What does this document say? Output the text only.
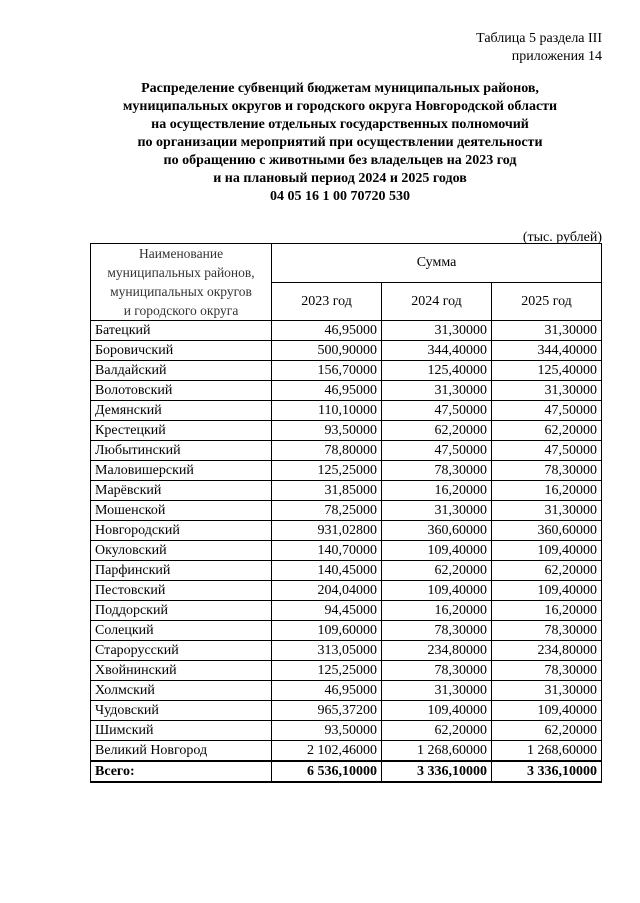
Таблица 5 раздела III
приложения 14
Распределение субвенций бюджетам муниципальных районов,
муниципальных округов и городского округа Новгородской области
на осуществление отдельных государственных полномочий
по организации мероприятий при осуществлении деятельности
по обращению с животными без владельцев на 2023 год
и на плановый период 2024 и 2025 годов
04 05 16 1 00 70720 530
(тыс. рублей)
Наименование
муниципальных районов,
муниципальных округов
и городского округа	Сумма		
	2023 год	2024 год	2025 год
Батецкий	46,95000	31,30000	31,30000
Боровичский	500,90000	344,40000	344,40000
Валдайский	156,70000	125,40000	125,40000
Волотовский	46,95000	31,30000	31,30000
Демянский	110,10000	47,50000	47,50000
Крестецкий	93,50000	62,20000	62,20000
Любытинский	78,80000	47,50000	47,50000
Маловишерский	125,25000	78,30000	78,30000
Марёвский	31,85000	16,20000	16,20000
Мошенской	78,25000	31,30000	31,30000
Новгородский	931,02800	360,60000	360,60000
Окуловский	140,70000	109,40000	109,40000
Парфинский	140,45000	62,20000	62,20000
Пестовский	204,04000	109,40000	109,40000
Поддорский	94,45000	16,20000	16,20000
Солецкий	109,60000	78,30000	78,30000
Старорусский	313,05000	234,80000	234,80000
Хвойнинский	125,25000	78,30000	78,30000
Холмский	46,95000	31,30000	31,30000
Чудовский	965,37200	109,40000	109,40000
Шимский	93,50000	62,20000	62,20000
Великий Новгород	2 102,46000	1 268,60000	1 268,60000
Всего:	6 536,10000	3 336,10000	3 336,10000
